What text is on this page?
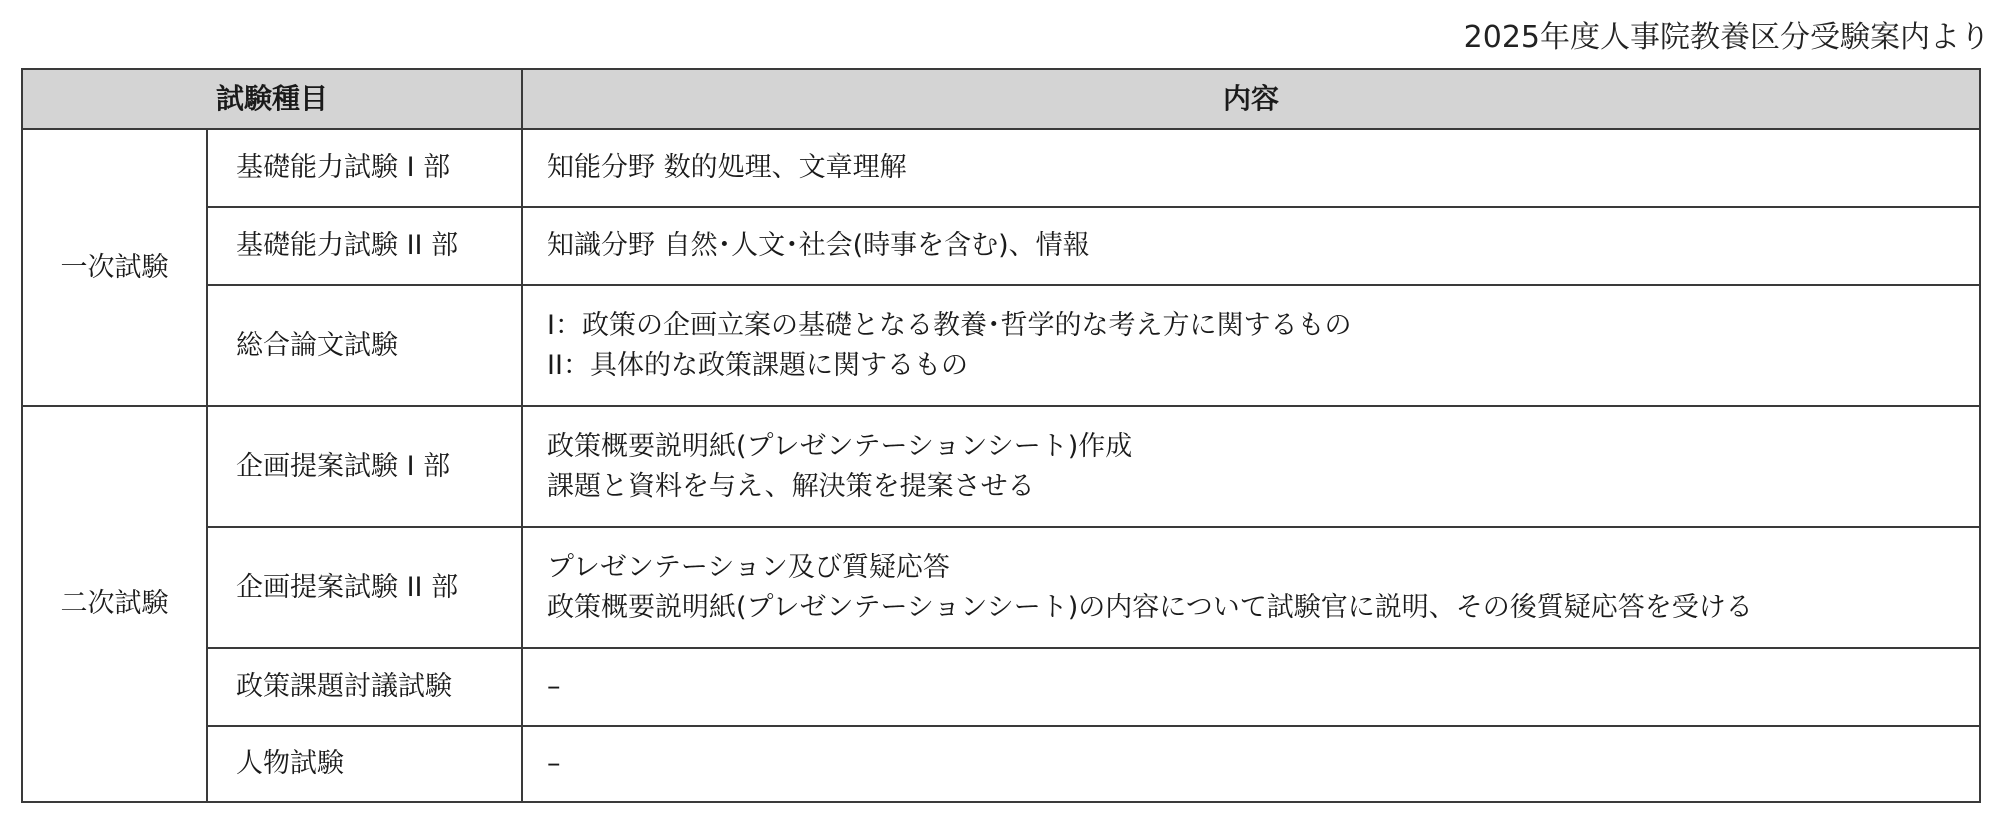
2025年度人事院教養区分受験案内より
試験種目		内容
一次試験	基礎能力試験 I 部	知能分野 数的処理、文章理解

	基礎能力試験 II 部	知識分野 自然･人文･社会(時事を含む)、情報

	総合論文試験	I：政策の企画立案の基礎となる教養･哲学的な考え方に関するもの
II：具体的な政策課題に関するもの

二次試験	企画提案試験 I 部	政策概要説明紙(プレゼンテーションシート)作成
課題と資料を与え、解決策を提案させる

	企画提案試験 II 部	プレゼンテーション及び質疑応答
政策概要説明紙(プレゼンテーションシート)の内容について試験官に説明、その後質疑応答を受ける

	政策課題討議試験	–

	人物試験	–
